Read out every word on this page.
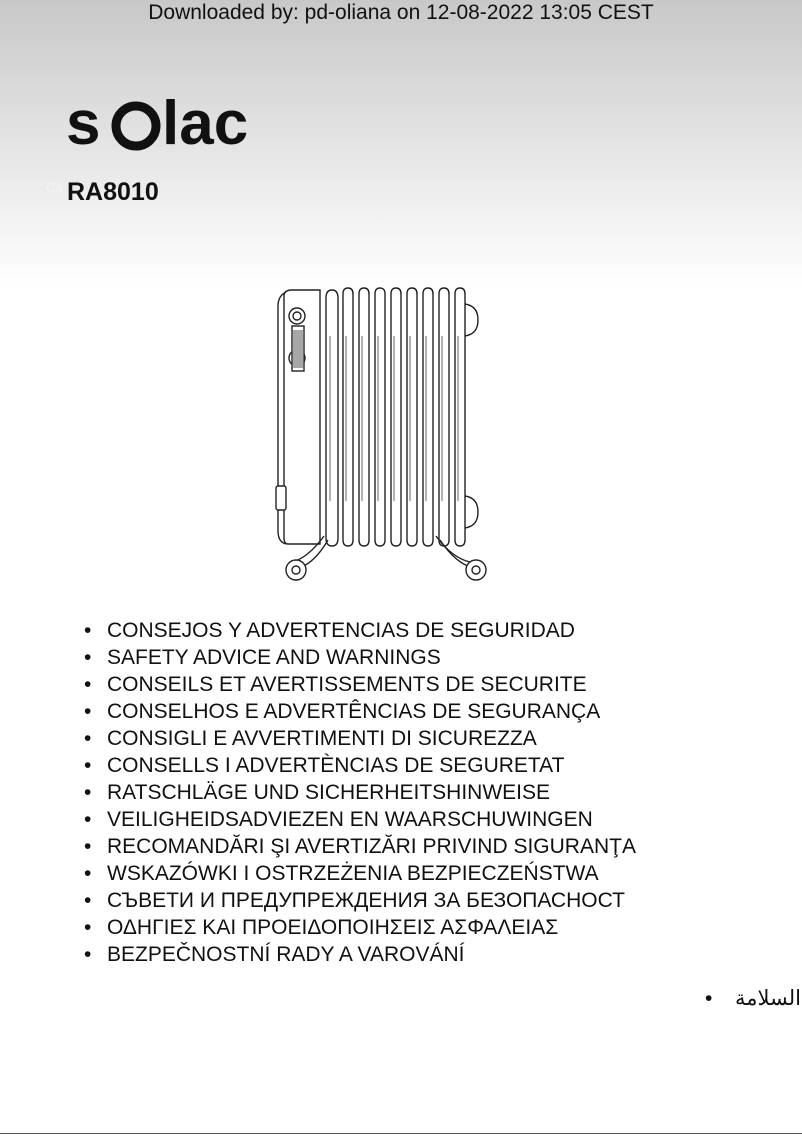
Downloaded by: pd-oliana on 12-08-2022 13:05 CEST
s lac
Ca RA8010
• CONSEJOS Y ADVERTENCIAS DE SEGURIDAD
• SAFETY ADVICE AND WARNINGS
• CONSEILS ET AVERTISSEMENTS DE SECURITE
• CONSELHOS E ADVERTÊNCIAS DE SEGURANÇA
• CONSIGLI E AVVERTIMENTI DI SICUREZZA
• CONSELLS I ADVERTÈNCIAS DE SEGURETAT
• RATSCHLÄGE UND SICHERHEITSHINWEISE
• VEILIGHEIDSADVIEZEN EN WAARSCHUWINGEN
• RECOMANDĂRI ŞI AVERTIZĂRI PRIVIND SIGURANŢA
• WSKAZÓWKI I OSTRZEŻENIA BEZPIECZEŃSTWA
• СЪВЕТИ И ПРЕДУПРЕЖДЕНИЯ ЗА БЕЗОПАСНОСТ
• ΟΔΗΓΙΕΣ ΚΑΙ ΠΡΟΕΙΔΟΠΟΙΗΣΕΙΣ ΑΣΦΑΛΕΙΑΣ
• BEZPEČNOSTNÍ RADY A VAROVÁNÍ
• السلامة
